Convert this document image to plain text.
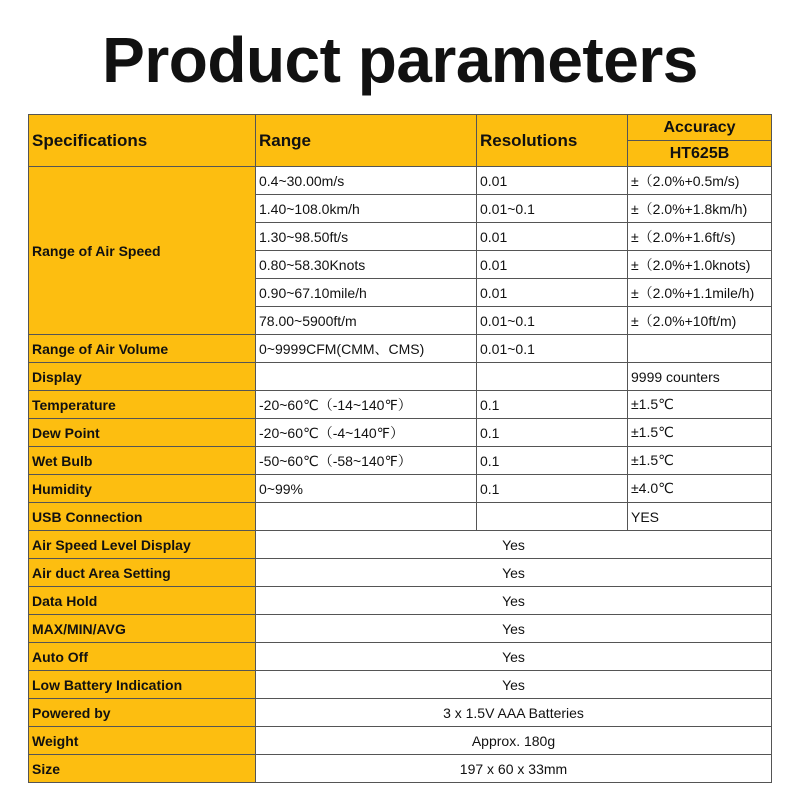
Product parameters
Specifications	Range	Resolutions	Accuracy
			HT625B
Range of Air Speed	0.4~30.00m/s	0.01	±（2.0%+0.5m/s)
	1.40~108.0km/h	0.01~0.1	±（2.0%+1.8km/h)
	1.30~98.50ft/s	0.01	±（2.0%+1.6ft/s)
	0.80~58.30Knots	0.01	±（2.0%+1.0knots)
	0.90~67.10mile/h	0.01	±（2.0%+1.1mile/h)
	78.00~5900ft/m	0.01~0.1	±（2.0%+10ft/m)
Range of Air Volume	0~9999CFM(CMM、CMS)	0.01~0.1	
Display			9999 counters
Temperature	-20~60℃（-14~140℉）	0.1	±1.5℃
Dew Point	-20~60℃（-4~140℉）	0.1	±1.5℃
Wet Bulb	-50~60℃（-58~140℉）	0.1	±1.5℃
Humidity	0~99%	0.1	±4.0℃
USB Connection			YES
Air Speed Level Display	Yes		
Air duct Area Setting	Yes		
Data Hold	Yes		
MAX/MIN/AVG	Yes		
Auto Off	Yes		
Low Battery Indication	Yes		
Powered by	3 x 1.5V AAA Batteries		
Weight	Approx. 180g		
Size	197 x 60 x 33mm		
